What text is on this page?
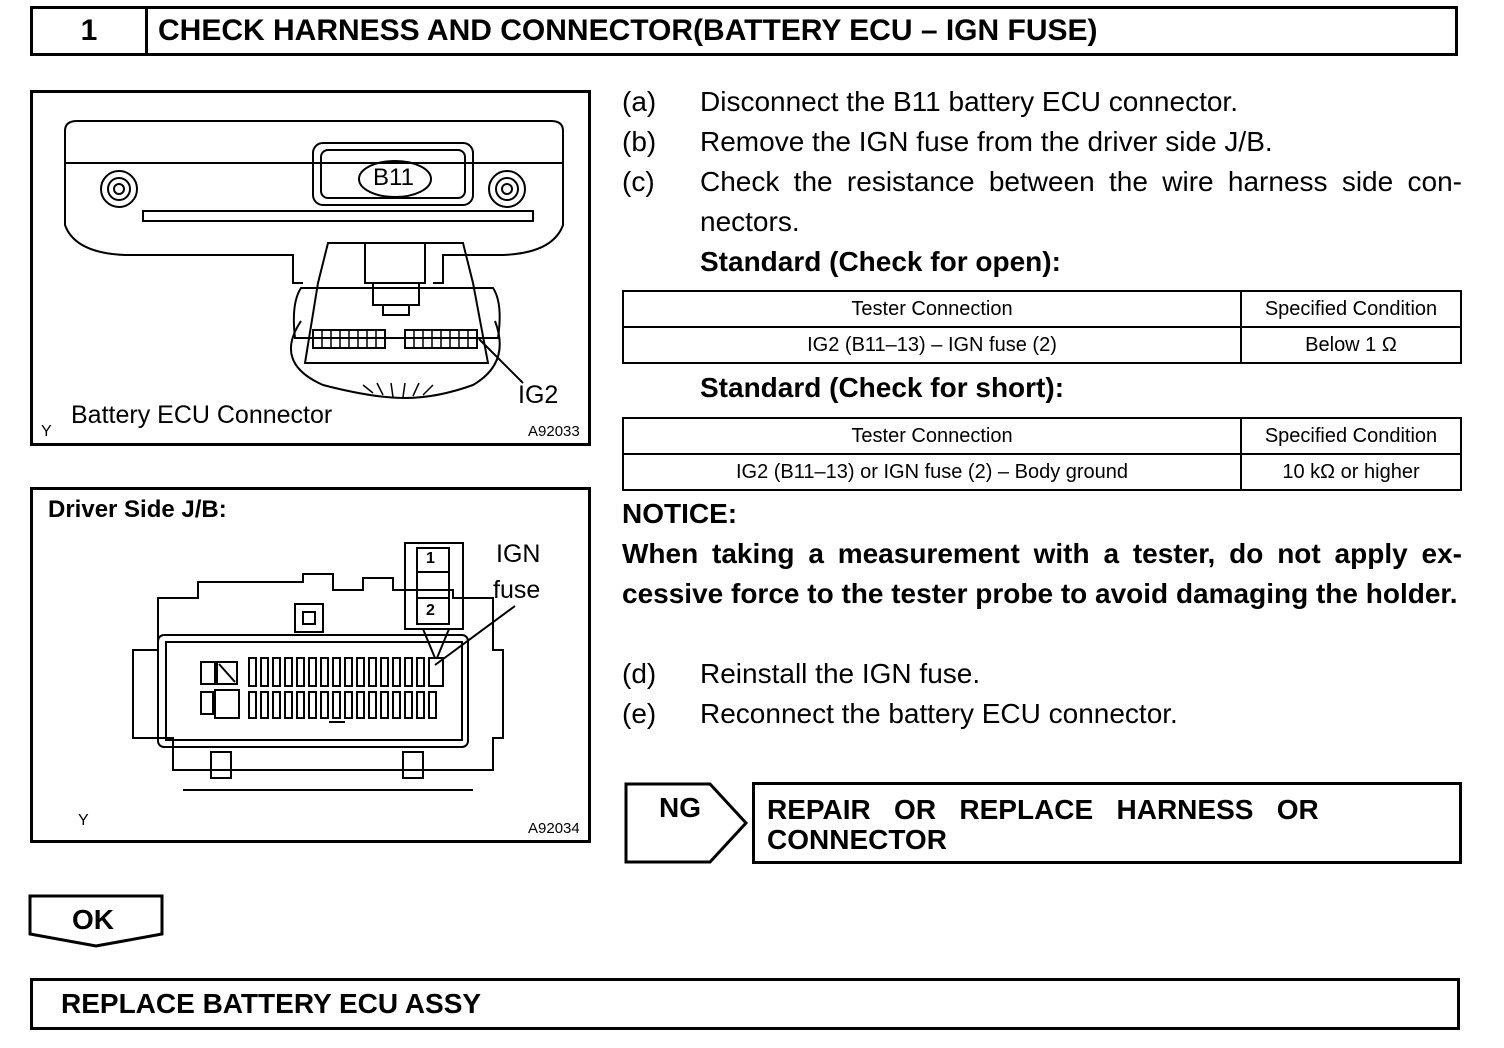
1	CHECK HARNESS AND CONNECTOR(BATTERY ECU – IGN FUSE)
B11
IG2
Battery ECU Connector
Y	A92033
Driver Side J/B:
IGN
fuse
1
2
Y	A92034
(a) Disconnect the B11 battery ECU connector.
(b) Remove the IGN fuse from the driver side J/B.
(c) Check the resistance between the wire harness side con- nectors.
Standard (Check for open):
Tester Connection	Specified Condition
IG2 (B11–13) – IGN fuse (2)	Below 1 Ω
Standard (Check for short):
Tester Connection	Specified Condition
IG2 (B11–13) or IGN fuse (2) – Body ground	10 kΩ or higher
NOTICE:
When taking a measurement with a tester, do not apply ex- cessive force to the tester probe to avoid damaging the holder.
(d) Reinstall the IGN fuse.
(e) Reconnect the battery ECU connector.
NG REPAIR   OR   REPLACE   HARNESS   OR
CONNECTOR
OK
REPLACE BATTERY ECU ASSY
